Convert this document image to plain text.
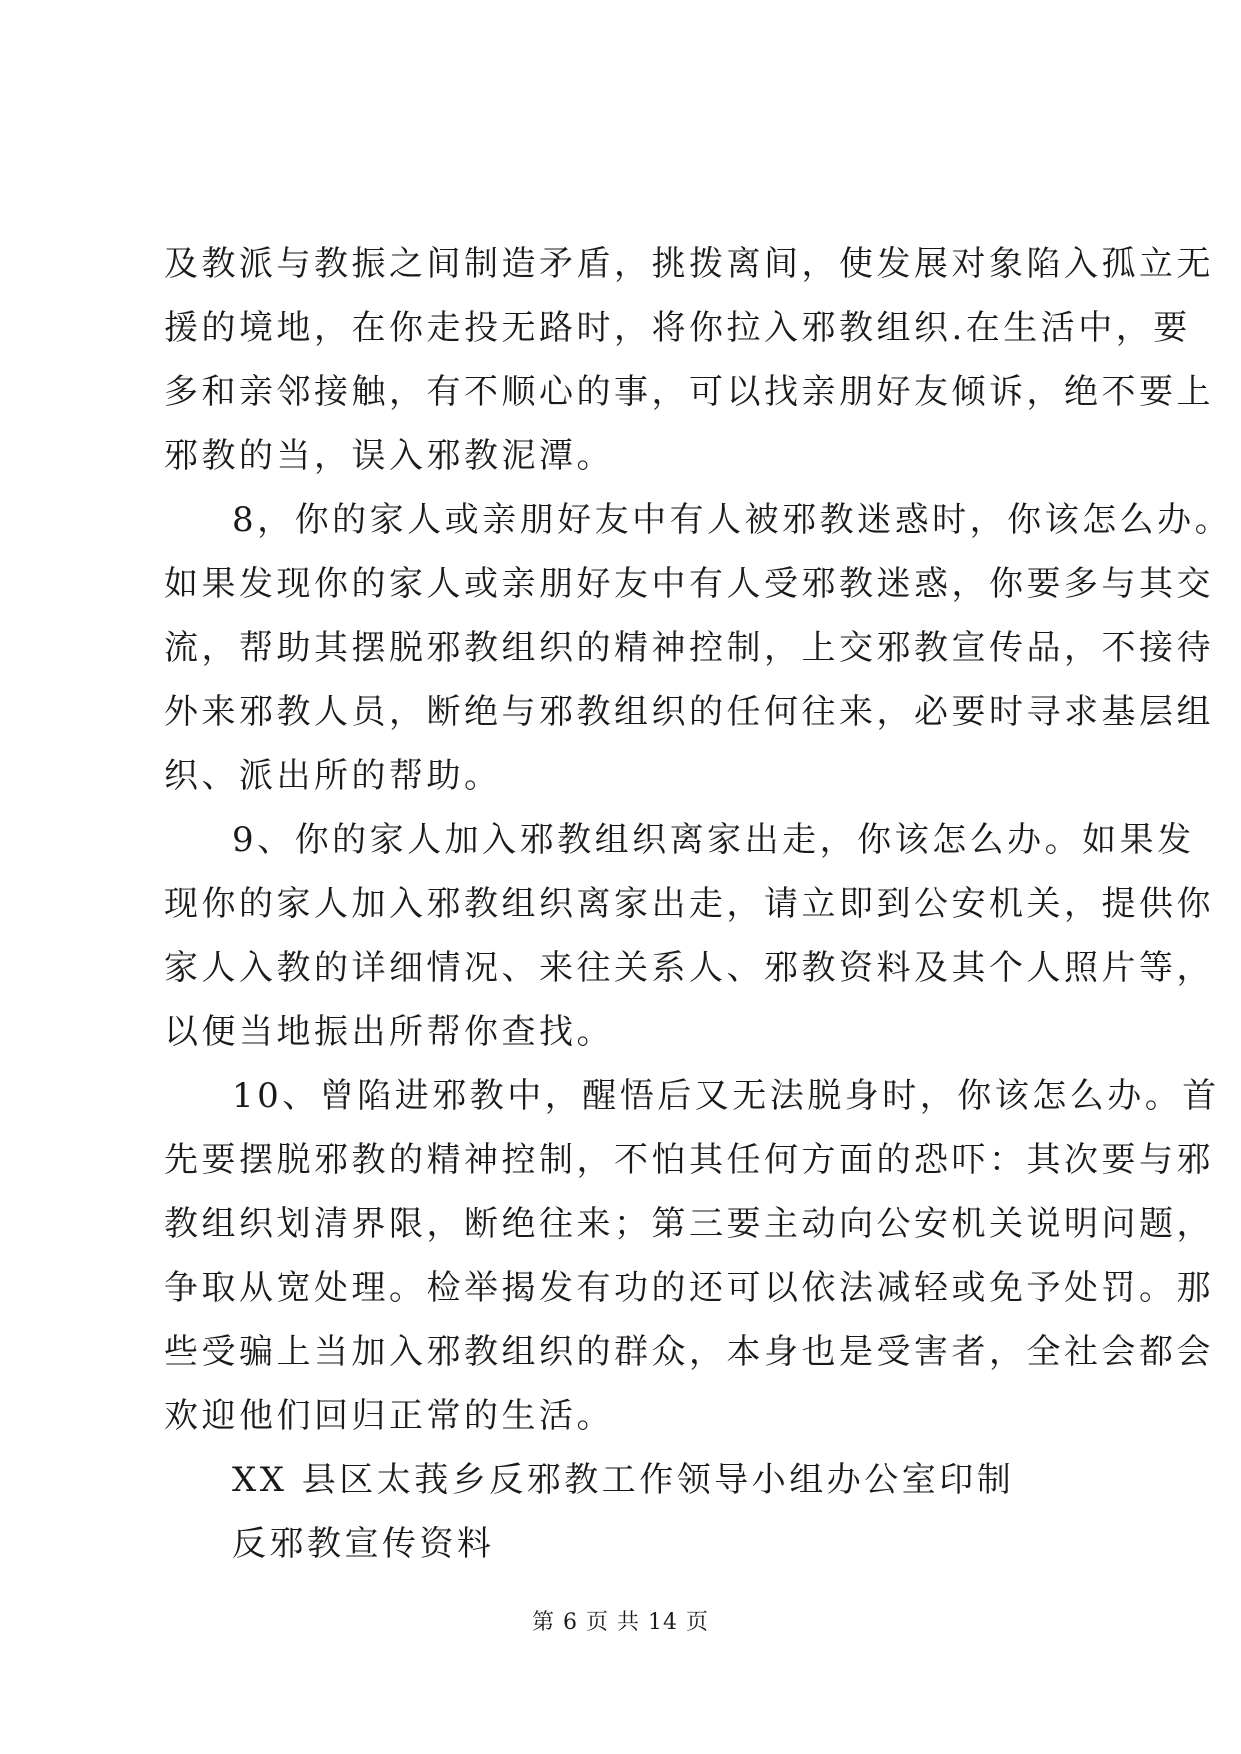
及教派与教振之间制造矛盾，挑拨离间，使发展对象陷入孤立无
援的境地，在你走投无路时，将你拉入邪教组织.在生活中，要
多和亲邻接触，有不顺心的事，可以找亲朋好友倾诉，绝不要上
邪教的当，误入邪教泥潭。
8，你的家人或亲朋好友中有人被邪教迷惑时，你该怎么办。
如果发现你的家人或亲朋好友中有人受邪教迷惑，你要多与其交
流，帮助其摆脱邪教组织的精神控制，上交邪教宣传品，不接待
外来邪教人员，断绝与邪教组织的任何往来，必要时寻求基层组
织、派出所的帮助。
9、你的家人加入邪教组织离家出走，你该怎么办。如果发
现你的家人加入邪教组织离家出走，请立即到公安机关，提供你
家人入教的详细情况、来往关系人、邪教资料及其个人照片等，
以便当地振出所帮你查找。
10、曾陷进邪教中，醒悟后又无法脱身时，你该怎么办。首
先要摆脱邪教的精神控制，不怕其任何方面的恐吓：其次要与邪
教组织划清界限，断绝往来；第三要主动向公安机关说明问题，
争取从宽处理。检举揭发有功的还可以依法减轻或免予处罚。那
些受骗上当加入邪教组织的群众，本身也是受害者，全社会都会
欢迎他们回归正常的生活。
XX 县区太莪乡反邪教工作领导小组办公室印制
反邪教宣传资料
第 6 页 共 14 页
